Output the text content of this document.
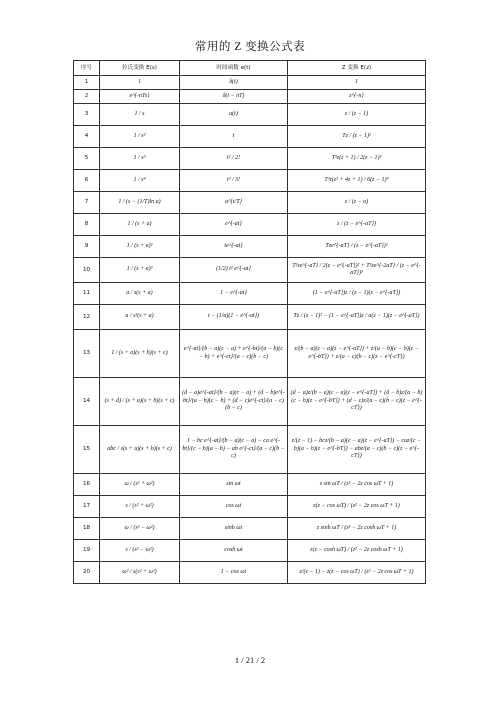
常用的 Z 变换公式表
序号	拉氏变换 E(s)	时间函数 e(t)	Z 变换 E(z)
1	1	δ(t)	1
2	e^{-nTs}	δ(t − nT)	z^{-n}
3	1 / s	u(t)	z / (z − 1)
4	1 / s²	t	Tz / (z − 1)²
5	1 / s³	t² / 2!	T²z(z + 1) / 2(z − 1)³
6	1 / s⁴	t³ / 3!	T³z(z² + 4z + 1) / 6(z − 1)⁴
7	1 / (s − (1/T)ln a)	a^{t/T}	z / (z − a)
8	1 / (s + a)	e^{-at}	z / (z − e^{-aT})
9	1 / (s + a)²	te^{-at}	Tze^{-aT} / (z − e^{-aT})²
10	1 / (s + a)³	(1/2) t² e^{-at}	T²ze^{-aT} / 2(z − e^{-aT})² + T²ze^{-2aT} / (z − e^{-aT})³
11	a / s(s + a)	1 − e^{-at}	(1 − e^{-aT})z / (z − 1)(z − e^{-aT})
12	a / s²(s + a)	t − (1/a)(1 − e^{-at})	Tz / (z − 1)² − (1 − e^{-aT})z / a(z − 1)(z − e^{-aT})
13	1 / (s + a)(s + b)(s + c)	e^{-at}/(b − a)(c − a) + e^{-bt}/(a − b)(c − b) + e^{-ct}/(a − c)(b − c)	z/(b − a)(c − a)(z − e^{-aT}) + z/(a − b)(c − b)(z − e^{-bT}) + z/(a − c)(b − c)(z − e^{-cT})
14	(s + d) / (s + a)(s + b)(s + c)	(d − a)e^{-at}/(b − a)(c − a) + (d − b)e^{-bt}/(a − b)(c − b) + (d − c)e^{-ct}/(a − c)(b − c)	(d − a)z/(b − a)(c − a)(z − e^{-aT}) + (d − b)z/(a − b)(c − b)(z − e^{-bT}) + (d − c)z/(a − c)(b − c)(z − e^{-cT})
15	abc / s(s + a)(s + b)(s + c)	1 − bc e^{-at}/(b − a)(c − a) − ca e^{-bt}/(c − b)(a − b) − ab e^{-ct}/(a − c)(b − c)	z/(z − 1) − bcz/(b − a)(c − a)(z − e^{-aT}) − caz/(c − b)(a − b)(z − e^{-bT}) − abz/(a − c)(b − c)(z − e^{-cT})
16	ω / (s² + ω²)	sin ωt	z sin ωT / (z² − 2z cos ωT + 1)
17	s / (s² + ω²)	cos ωt	z(z − cos ωT) / (z² − 2z cos ωT + 1)
18	ω / (s² − ω²)	sinh ωt	z sinh ωT / (z² − 2z cosh ωT + 1)
19	s / (s² − ω²)	cosh ωt	z(z − cosh ωT) / (z² − 2z cosh ωT + 1)
20	ω² / s(s² + ω²)	1 − cos ωt	z/(z − 1) − z(z − cos ωT) / (z² − 2z cos ωT + 1)
1 / 21 / 2
